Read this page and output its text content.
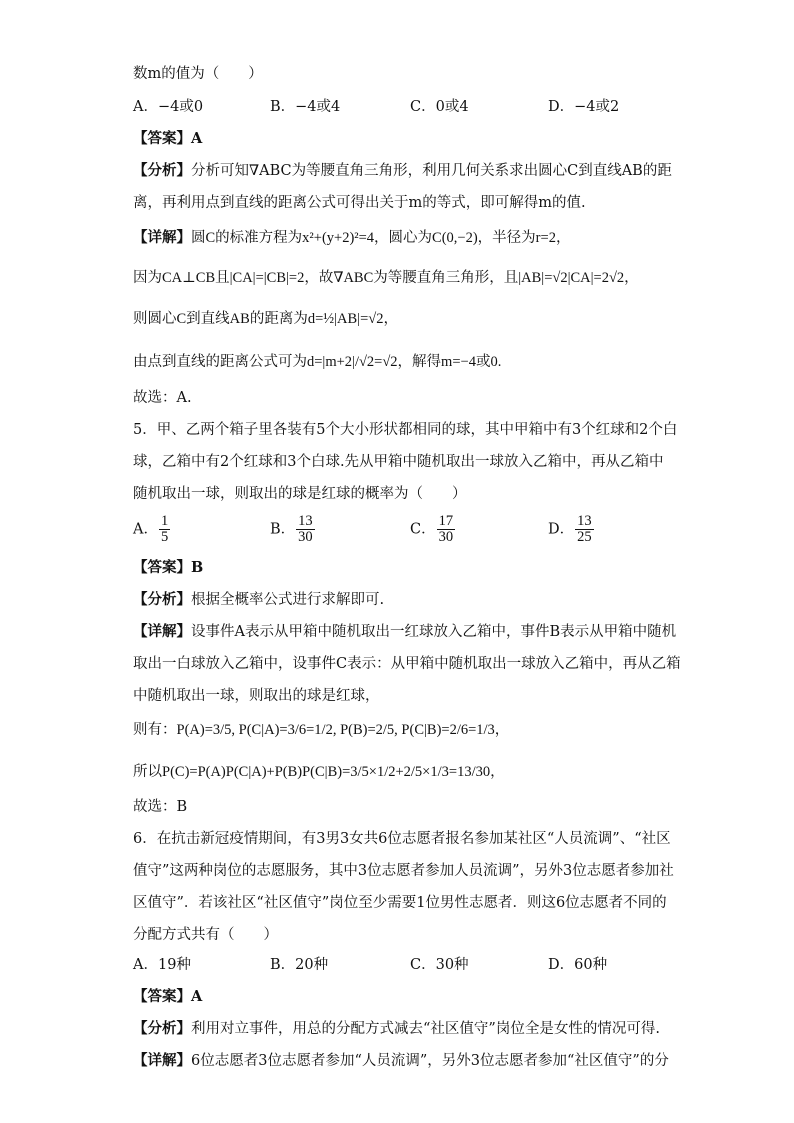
数m的值为（　　）
A．−4或0	B．−4或4	C．0或4	D．−4或2
【答案】A
【分析】分析可知∇ABC为等腰直角三角形，利用几何关系求出圆心C到直线AB的距
离，再利用点到直线的距离公式可得出关于m的等式，即可解得m的值.
【详解】圆C的标准方程为x²+(y+2)²=4，圆心为C(0,−2)，半径为r=2，
因为CA⊥CB且|CA|=|CB|=2，故∇ABC为等腰直角三角形，且|AB|=√2|CA|=2√2，
则圆心C到直线AB的距离为d=½|AB|=√2，
由点到直线的距离公式可为d=|m+2|/√2=√2，解得m=−4或0.
故选：A.
5．甲、乙两个箱子里各装有5个大小形状都相同的球，其中甲箱中有3个红球和2个白
球，乙箱中有2个红球和3个白球.先从甲箱中随机取出一球放入乙箱中，再从乙箱中
随机取出一球，则取出的球是红球的概率为（　　）
A． $\frac{1}{5}$	B． $\frac{13}{30}$	C． $\frac{17}{30}$	D． $\frac{13}{25}$
【答案】B
【分析】根据全概率公式进行求解即可.
【详解】设事件A表示从甲箱中随机取出一红球放入乙箱中，事件B表示从甲箱中随机
取出一白球放入乙箱中，设事件C表示：从甲箱中随机取出一球放入乙箱中，再从乙箱
中随机取出一球，则取出的球是红球，
则有：P(A)=3/5, P(C|A)=3/6=1/2, P(B)=2/5, P(C|B)=2/6=1/3，
所以P(C)=P(A)P(C|A)+P(B)P(C|B)=3/5×1/2+2/5×1/3=13/30，
故选：B
6．在抗击新冠疫情期间，有3男3女共6位志愿者报名参加某社区“人员流调”、“社区
值守”这两种岗位的志愿服务，其中3位志愿者参加人员流调”，另外3位志愿者参加社
区值守”．若该社区“社区值守”岗位至少需要1位男性志愿者．则这6位志愿者不同的
分配方式共有（　　）
A．19种	B．20种	C．30种	D．60种
【答案】A
【分析】利用对立事件，用总的分配方式减去“社区值守”岗位全是女性的情况可得.
【详解】6位志愿者3位志愿者参加“人员流调”，另外3位志愿者参加“社区值守”的分
